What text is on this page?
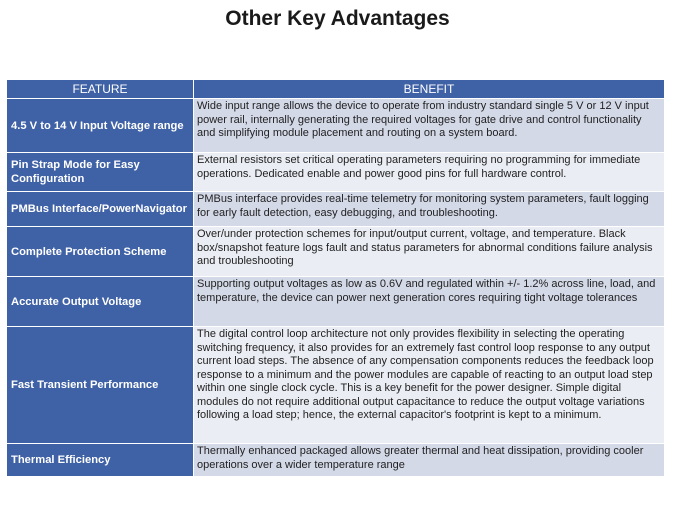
Other Key Advantages
FEATURE	BENEFIT
4.5 V to 14 V Input Voltage range	Wide input range allows the device to operate from industry standard single 5 V or 12 V input power rail, internally generating the required voltages for gate drive and control functionality and simplifying module placement and routing on a system board.
Pin Strap Mode for Easy Configuration	External resistors set critical operating parameters requiring no programming for immediate operations. Dedicated enable and power good pins for full hardware control.
PMBus Interface/PowerNavigator	PMBus interface provides real-time telemetry for monitoring system parameters, fault logging for early fault detection, easy debugging, and troubleshooting.
Complete Protection Scheme	Over/under protection schemes for input/output current, voltage, and temperature. Black box/snapshot feature logs fault and status parameters for abnormal conditions failure analysis and troubleshooting
Accurate Output Voltage	Supporting output voltages as low as 0.6V and regulated within +/- 1.2% across line, load, and temperature, the device can power next generation cores requiring tight voltage tolerances
Fast Transient Performance	The digital control loop architecture not only provides flexibility in selecting the operating switching frequency, it also provides for an extremely fast control loop response to any output current load steps. The absence of any compensation components reduces the feedback loop response to a minimum and the power modules are capable of reacting to an output load step within one single clock cycle. This is a key benefit for the power designer. Simple digital modules do not require additional output capacitance to reduce the output voltage variations following a load step; hence, the external capacitor's footprint is kept to a minimum.
Thermal Efficiency	Thermally enhanced packaged allows greater thermal and heat dissipation, providing cooler operations over a wider temperature range
